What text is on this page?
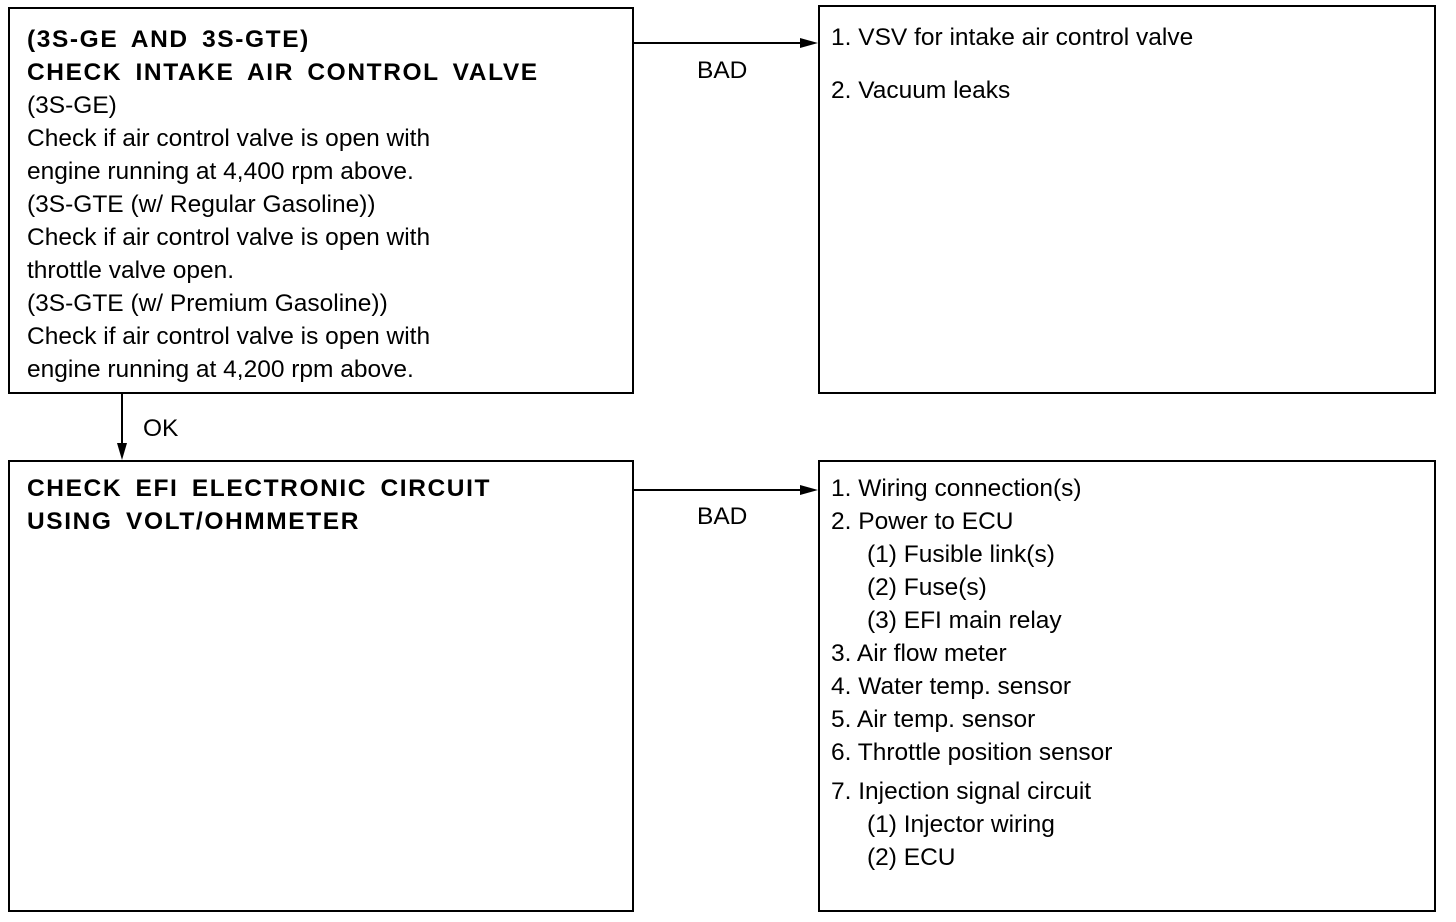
(3S-GE AND 3S-GTE)
CHECK INTAKE AIR CONTROL VALVE
(3S-GE)
Check if air control valve is open with
engine running at 4,400 rpm above.
(3S-GTE (w/ Regular Gasoline))
Check if air control valve is open with
throttle valve open.
(3S-GTE (w/ Premium Gasoline))
Check if air control valve is open with
engine running at 4,200 rpm above.
1. VSV for intake air control valve
2. Vacuum leaks
CHECK EFI ELECTRONIC CIRCUIT
USING VOLT/OHMMETER
1. Wiring connection(s)
2. Power to ECU
(1) Fusible link(s)
(2) Fuse(s)
(3) EFI main relay
3. Air flow meter
4. Water temp. sensor
5. Air temp. sensor
6. Throttle position sensor
7. Injection signal circuit
(1) Injector wiring
(2) ECU
BAD
OK
BAD
